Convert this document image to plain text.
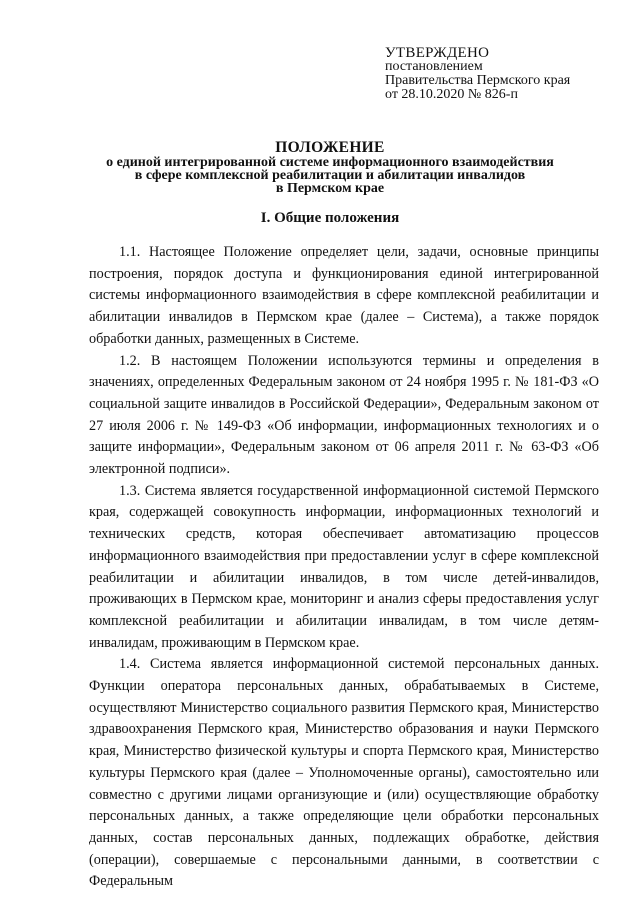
УТВЕРЖДЕНО
постановлением
Правительства Пермского края
от 28.10.2020 № 826-п
ПОЛОЖЕНИЕ
о единой интегрированной системе информационного взаимодействия
в сфере комплексной реабилитации и абилитации инвалидов
в Пермском крае
I. Общие положения

1.1. Настоящее Положение определяет цели, задачи, основные принципы построения, порядок доступа и функционирования единой интегрированной системы информационного взаимодействия в сфере комплексной реабилитации и абилитации инвалидов в Пермском крае (далее – Система), а также порядок обработки данных, размещенных в Системе.

1.2. В настоящем Положении используются термины и определения в значениях, определенных Федеральным законом от 24 ноября 1995 г. № 181-ФЗ «О социальной защите инвалидов в Российской Федерации», Федеральным законом от 27 июля 2006 г. № 149-ФЗ «Об информации, информационных технологиях и о защите информации», Федеральным законом от 06 апреля 2011 г. № 63-ФЗ «Об электронной подписи».

1.3. Система является государственной информационной системой Пермского края, содержащей совокупность информации, информационных технологий и технических средств, которая обеспечивает автоматизацию процессов информационного взаимодействия при предоставлении услуг в сфере комплексной реабилитации и абилитации инвалидов, в том числе детей-инвалидов, проживающих в Пермском крае, мониторинг и анализ сферы предоставления услуг комплексной реабилитации и абилитации инвалидам, в том числе детям-инвалидам, проживающим в Пермском крае.

1.4. Система является информационной системой персональных данных. Функции оператора персональных данных, обрабатываемых в Системе, осуществляют Министерство социального развития Пермского края, Министерство здравоохранения Пермского края, Министерство образования и науки Пермского края, Министерство физической культуры и спорта Пермского края, Министерство культуры Пермского края (далее – Уполномоченные органы), самостоятельно или совместно с другими лицами организующие и (или) осуществляющие обработку персональных данных, а также определяющие цели обработки персональных данных, состав персональных данных, подлежащих обработке, действия (операции), совершаемые с персональными данными, в соответствии с Федеральным
